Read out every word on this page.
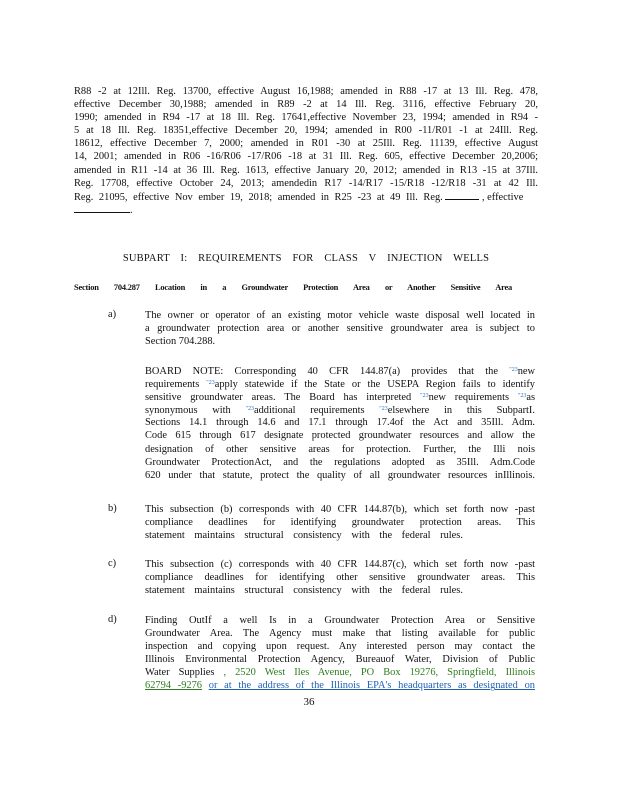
R88 -2 at 12Ill. Reg. 13700, effective August 16,1988; amended in R88 -17 at 13 Ill. Reg. 478,
effective December 30,1988; amended in R89 -2 at 14 Ill. Reg. 3116, effective February 20,
1990; amended in R94 -17 at 18 Ill. Reg. 17641,effective November 23, 1994; amended in R94 -
5 at 18 Ill. Reg. 18351,effective December 20, 1994; amended in R00 -11/R01 -1 at 24Ill. Reg.
18612, effective December 7, 2000; amended in R01 -30 at 25Ill. Reg. 11139, effective August
14, 2001; amended in R06 -16/R06 -17/R06 -18 at 31 Ill. Reg. 605, effective December 20,2006;
amended in R11 -14 at 36 Ill. Reg. 1613, effective January 20, 2012; amended in R13 -15 at 37Ill.
Reg. 17708, effective October 24, 2013; amendedin R17 -14/R17 -15/R18 -12/R18 -31 at 42 Ill.
Reg. 21095, effective Nov ember 19, 2018; amended in R25 -23 at 49 Ill. Reg.	, effective
.
SUBPART I: REQUIREMENTS FOR CLASS V INJECTION WELLS
Section 704.287 Location in a Groundwater Protection Area or Another Sensitive Area
a)	The owner or operator of an existing motor vehicle waste disposal well located in
a groundwater protection area or another sensitive groundwater area is subject to
Section 704.288.
BOARD NOTE: Corresponding 40 CFR 144.87(a) provides that the $^{"23}$new
requirements $^{"23}$apply statewide if the State or the USEPA Region fails to identify
sensitive groundwater areas. The Board has interpreted $^{"23}$new requirements $^{"23}$as
synonymous with $^{"23}$additional requirements $^{"23}$elsewhere in this SubpartI.
Sections 14.1 through 14.6 and 17.1 through 17.4of the Act and 35Ill. Adm.
Code 615 through 617 designate protected groundwater resources and allow the
designation of other sensitive areas for protection. Further, the Illi nois
Groundwater ProtectionAct, and the regulations adopted as 35Ill. Adm.Code
620 under that statute, protect the quality of all groundwater resources inIllinois.
b)	This subsection (b) corresponds with 40 CFR 144.87(b), which set forth now -past
compliance deadlines for identifying groundwater protection areas. This
statement maintains structural consistency with the federal rules.
c)	This subsection (c) corresponds with 40 CFR 144.87(c), which set forth now -past
compliance deadlines for identifying other sensitive groundwater areas. This
statement maintains structural consistency with the federal rules.
d)	Finding OutIf a well Is in a Groundwater Protection Area or Sensitive
Groundwater Area. The Agency must make that listing available for public
inspection and copying upon request. Any interested person may contact the
Illinois Environmental Protection Agency, Bureauof Water, Division of Public
Water Supplies , 2520 West Iles Avenue, PO Box 19276, Springfield, Illinois
62794 -9276 or at the address of the Illinois EPA's headquarters as designated on
36
